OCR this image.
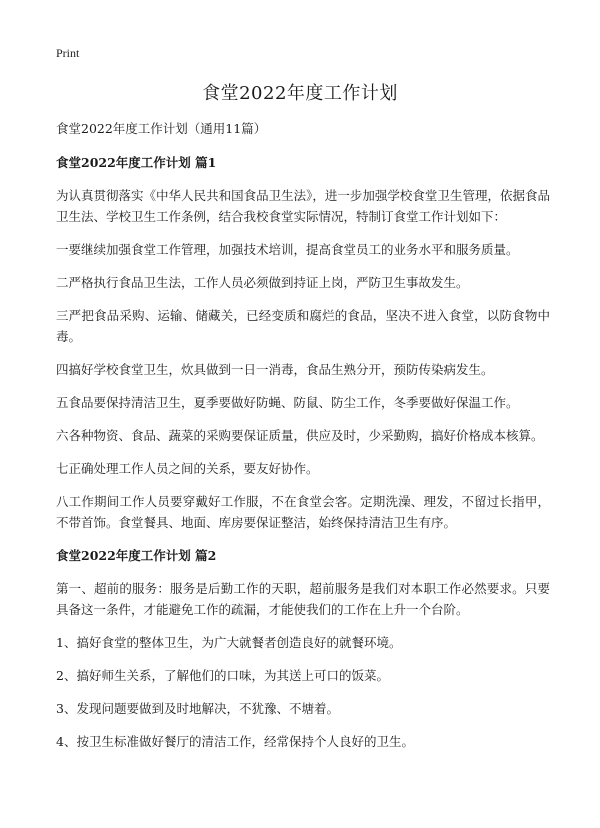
Print
食堂2022年度工作计划

食堂2022年度工作计划（通用11篇）

食堂2022年度工作计划 篇1

为认真贯彻落实《中华人民共和国食品卫生法》，进一步加强学校食堂卫生管理，依据食品卫生法、学校卫生工作条例，结合我校食堂实际情况，特制订食堂工作计划如下：

一要继续加强食堂工作管理，加强技术培训，提高食堂员工的业务水平和服务质量。

二严格执行食品卫生法，工作人员必须做到持证上岗，严防卫生事故发生。

三严把食品采购、运输、储藏关，已经变质和腐烂的食品，坚决不进入食堂，以防食物中毒。

四搞好学校食堂卫生，炊具做到一日一消毒，食品生熟分开，预防传染病发生。

五食品要保持清洁卫生，夏季要做好防蝇、防鼠、防尘工作，冬季要做好保温工作。

六各种物资、食品、蔬菜的采购要保证质量，供应及时，少采勤购，搞好价格成本核算。

七正确处理工作人员之间的关系，要友好协作。

八工作期间工作人员要穿戴好工作服，不在食堂会客。定期洗澡、理发，不留过长指甲，不带首饰。食堂餐具、地面、库房要保证整洁，始终保持清洁卫生有序。

食堂2022年度工作计划 篇2

第一、超前的服务：服务是后勤工作的天职，超前服务是我们对本职工作必然要求。只要具备这一条件，才能避免工作的疏漏，才能使我们的工作在上升一个台阶。

1、搞好食堂的整体卫生，为广大就餐者创造良好的就餐环境。

2、搞好师生关系，了解他们的口味，为其送上可口的饭菜。

3、发现问题要做到及时地解决，不犹豫、不塘着。

4、按卫生标准做好餐厅的清洁工作，经常保持个人良好的卫生。
